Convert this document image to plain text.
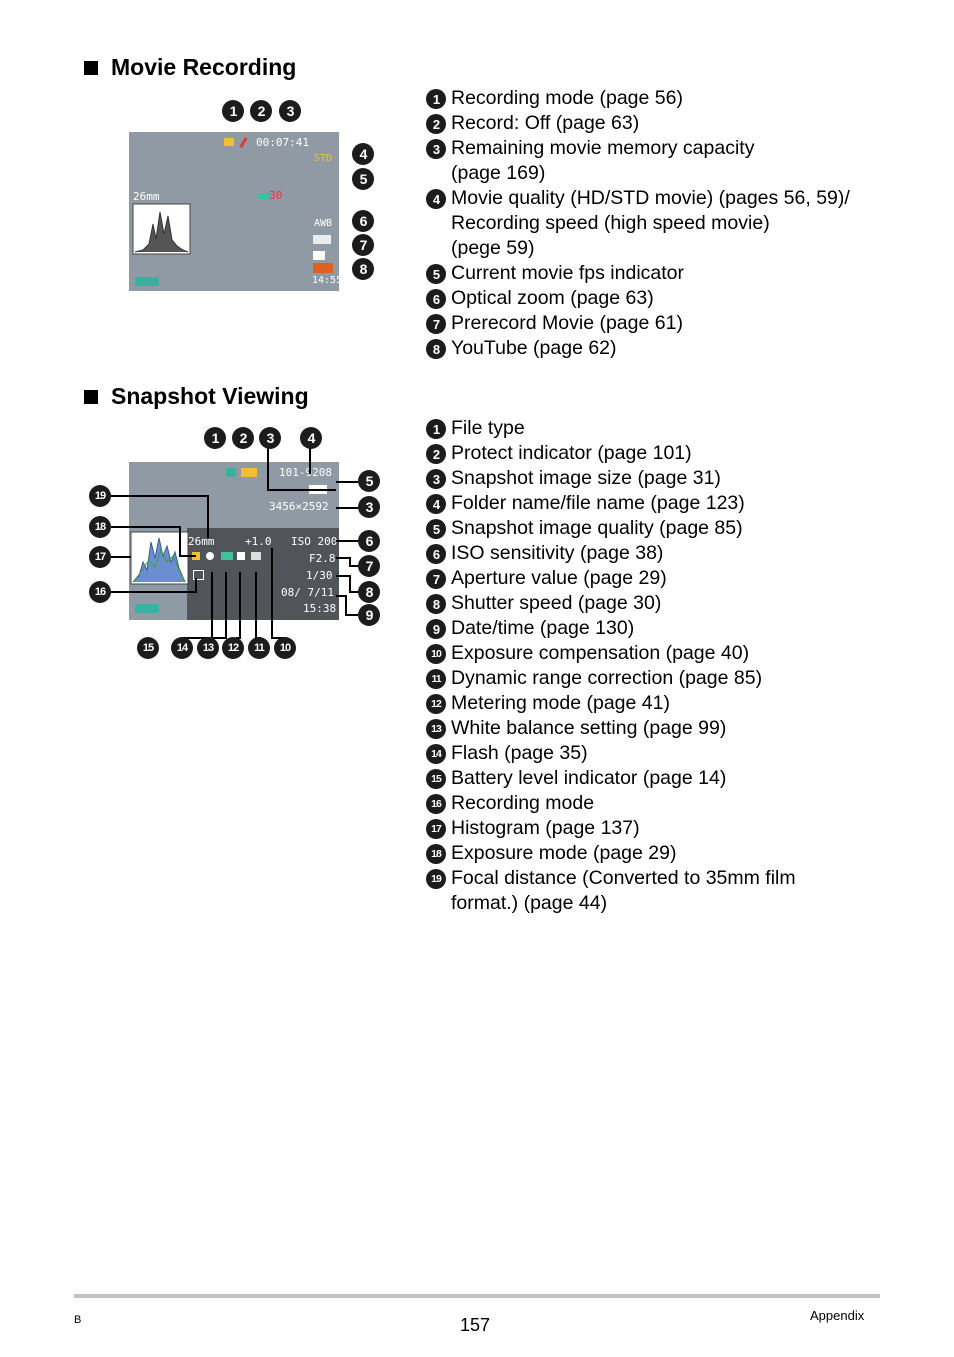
Movie Recording
1 Recording mode (page 56)
2 Record: Off (page 63)
3 Remaining movie memory capacity
(page 169)
4 Movie quality (HD/STD movie) (pages 56, 59)/
Recording speed (high speed movie)
(pege 59)
5 Current movie fps indicator
6 Optical zoom (page 63)
7 Prerecord Movie (page 61)
8 YouTube (page 62)
00:07:41
STD
26mm	30
AWB
14:55
1	2	3
4
5
6
7
8
Snapshot Viewing
1 File type
2 Protect indicator (page 101)
3 Snapshot image size (page 31)
4 Folder name/file name (page 123)
5 Snapshot image quality (page 85)
6 ISO sensitivity (page 38)
7 Aperture value (page 29)
8 Shutter speed (page 30)
9 Date/time (page 130)
10 Exposure compensation (page 40)
11 Dynamic range correction (page 85)
12 Metering mode (page 41)
13 White balance setting (page 99)
14 Flash (page 35)
15 Battery level indicator (page 14)
16 Recording mode
17 Histogram (page 137)
18 Exposure mode (page 29)
19 Focal distance (Converted to 35mm film
format.) (page 44)
101-9208
3456×2592
26mm	+1.0 ISO 200
F2.8
1/30
08/ 7/11
15:38
1	2	3	4
5
3
6
7
8
9
19
18
17
16
15	14	13	12	11	10
B	157	Appendix
